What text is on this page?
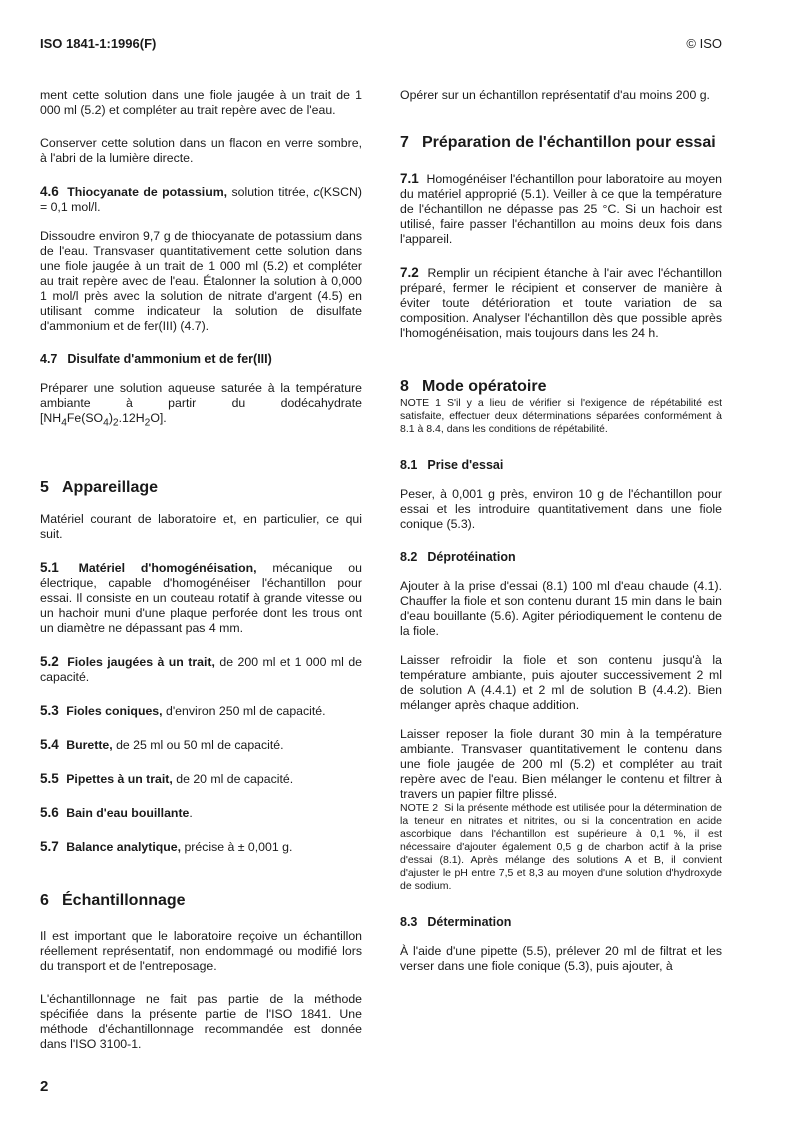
ISO 1841-1:1996(F)	© ISO

ment cette solution dans une fiole jaugée à un trait de 1 000 ml (5.2) et compléter au trait repère avec de l'eau.

Conserver cette solution dans un flacon en verre sombre, à l'abri de la lumière directe.

4.6 Thiocyanate de potassium, solution titrée, c(KSCN) = 0,1 mol/l.

Dissoudre environ 9,7 g de thiocyanate de potassium dans de l'eau. Transvaser quantitativement cette solution dans une fiole jaugée à un trait de 1 000 ml (5.2) et compléter au trait repère avec de l'eau. Étalonner la solution à 0,000 1 mol/l près avec la solution de nitrate d'argent (4.5) en utilisant comme indicateur la solution de disulfate d'ammonium et de fer(III) (4.7).

4.7 Disulfate d'ammonium et de fer(III)

Préparer une solution aqueuse saturée à la température ambiante à partir du dodécahydrate $[NH_4Fe(SO_4)_2.12H_2O]$.

5 Appareillage

Matériel courant de laboratoire et, en particulier, ce qui suit.

5.1 Matériel d'homogénéisation, mécanique ou électrique, capable d'homogénéiser l'échantillon pour essai. Il consiste en un couteau rotatif à grande vitesse ou un hachoir muni d'une plaque perforée dont les trous ont un diamètre ne dépassant pas 4 mm.

5.2 Fioles jaugées à un trait, de 200 ml et 1 000 ml de capacité.

5.3 Fioles coniques, d'environ 250 ml de capacité.

5.4 Burette, de 25 ml ou 50 ml de capacité.

5.5 Pipettes à un trait, de 20 ml de capacité.

5.6 Bain d'eau bouillante.

5.7 Balance analytique, précise à ± 0,001 g.

6 Échantillonnage

Il est important que le laboratoire reçoive un échantillon réellement représentatif, non endommagé ou modifié lors du transport et de l'entreposage.

L'échantillonnage ne fait pas partie de la méthode spécifiée dans la présente partie de l'ISO 1841. Une méthode d'échantillonnage recommandée est donnée dans l'ISO 3100-1.

Opérer sur un échantillon représentatif d'au moins 200 g.

7 Préparation de l'échantillon pour essai

7.1 Homogénéiser l'échantillon pour laboratoire au moyen du matériel approprié (5.1). Veiller à ce que la température de l'échantillon ne dépasse pas 25 °C. Si un hachoir est utilisé, faire passer l'échantillon au moins deux fois dans l'appareil.

7.2 Remplir un récipient étanche à l'air avec l'échantillon préparé, fermer le récipient et conserver de manière à éviter toute détérioration et toute variation de sa composition. Analyser l'échantillon dès que possible après l'homogénéisation, mais toujours dans les 24 h.

8 Mode opératoire

NOTE 1 S'il y a lieu de vérifier si l'exigence de répétabilité est satisfaite, effectuer deux déterminations séparées conformément à 8.1 à 8.4, dans les conditions de répétabilité.

8.1 Prise d'essai

Peser, à 0,001 g près, environ 10 g de l'échantillon pour essai et les introduire quantitativement dans une fiole conique (5.3).

8.2 Déprotéination

Ajouter à la prise d'essai (8.1) 100 ml d'eau chaude (4.1). Chauffer la fiole et son contenu durant 15 min dans le bain d'eau bouillante (5.6). Agiter périodiquement le contenu de la fiole.

Laisser refroidir la fiole et son contenu jusqu'à la température ambiante, puis ajouter successivement 2 ml de solution A (4.4.1) et 2 ml de solution B (4.4.2). Bien mélanger après chaque addition.

Laisser reposer la fiole durant 30 min à la température ambiante. Transvaser quantitativement le contenu dans une fiole jaugée de 200 ml (5.2) et compléter au trait repère avec de l'eau. Bien mélanger le contenu et filtrer à travers un papier filtre plissé.

NOTE 2 Si la présente méthode est utilisée pour la détermination de la teneur en nitrates et nitrites, ou si la concentration en acide ascorbique dans l'échantillon est supérieure à 0,1 %, il est nécessaire d'ajouter également 0,5 g de charbon actif à la prise d'essai (8.1). Après mélange des solutions A et B, il convient d'ajuster le pH entre 7,5 et 8,3 au moyen d'une solution d'hydroxyde de sodium.

8.3 Détermination

À l'aide d'une pipette (5.5), prélever 20 ml de filtrat et les verser dans une fiole conique (5.3), puis ajouter, à

2
